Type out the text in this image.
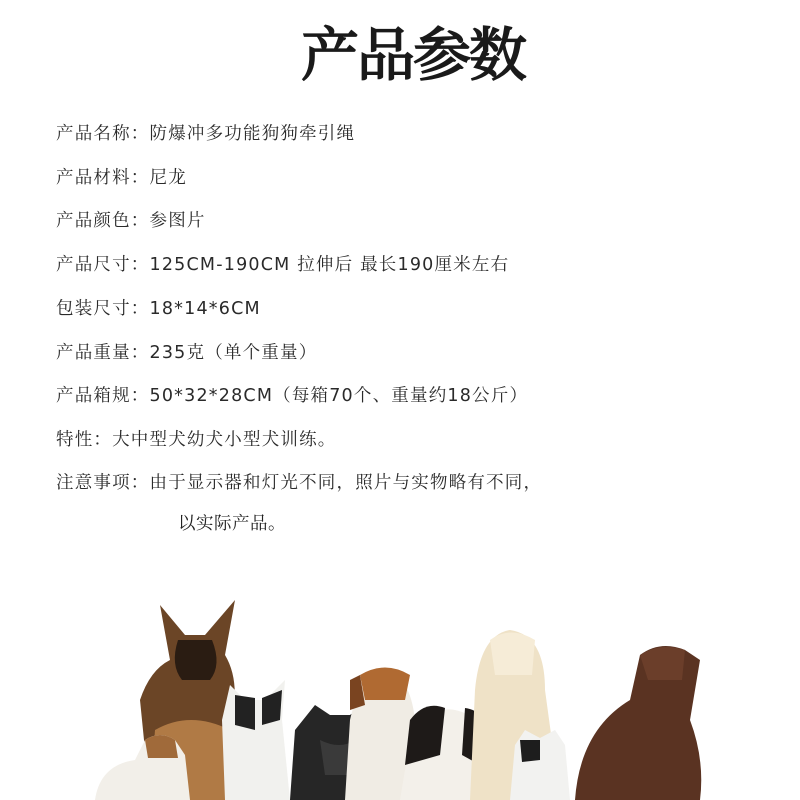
产品参数
产品名称：防爆冲多功能狗狗牵引绳
产品材料：尼龙
产品颜色：参图片
产品尺寸：125CM-190CM 拉伸后 最长190厘米左右
包装尺寸：18*14*6CM
产品重量：235克（单个重量）
产品箱规：50*32*28CM（每箱70个、重量约18公斤）
特性：大中型犬幼犬小型犬训练。
注意事项：由于显示器和灯光不同，照片与实物略有不同，
以实际产品。
